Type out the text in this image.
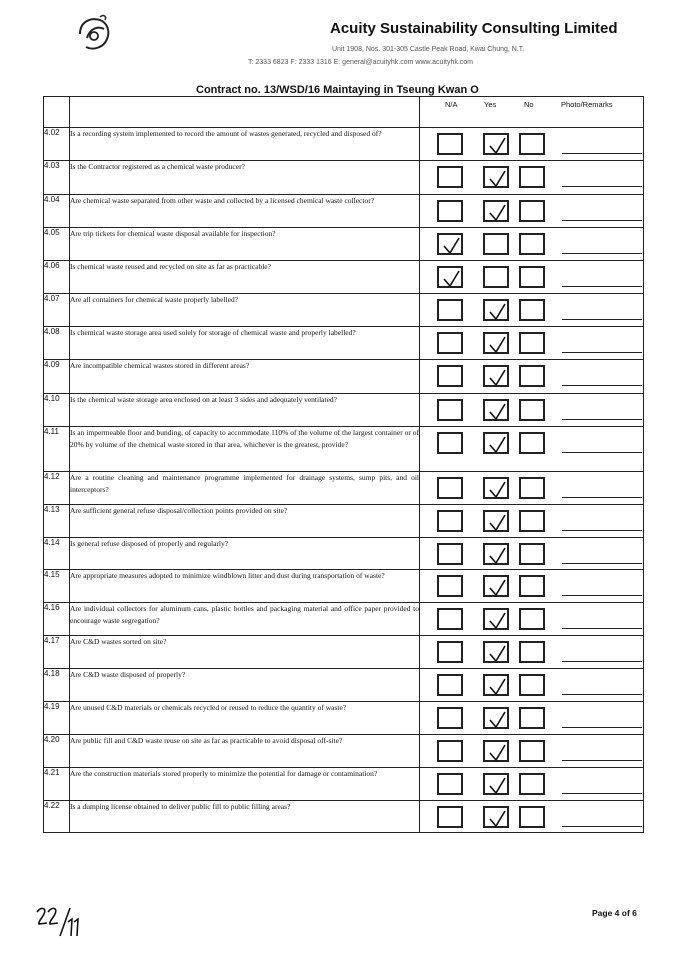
Acuity Sustainability Consulting Limited
Unit 1908, Nos. 301-305 Castle Peak Road, Kwai Chung, N.T.
T: 2333 6823 F: 2333 1316 E: general@acuityhk.com www.acuityhk.com
Contract no. 13/WSD/16 Maintaying in Tseung Kwan O

		N/A Yes No Photo/Remarks

4.02	Is a recording system implemented to record the amount of wastes generated, recycled and disposed of?	

4.03	Is the Contractor registered as a chemical waste producer?	

4.04	Are chemical waste separated from other waste and collected by a licensed chemical waste collector?	

4.05	Are trip tickets for chemical waste disposal available for inspection?	

4.06	Is chemical waste reused and recycled on site as far as practicable?	

4.07	Are all containers for chemical waste properly labelled?	

4.08	Is chemical waste storage area used solely for storage of chemical waste and properly labelled?	

4.09	Are incompatible chemical wastes stored in different areas?	

4.10	Is the chemical waste storage area enclosed on at least 3 sides and adequately ventilated?	

4.11	Is an impermeable floor and bunding, of capacity to accommodate 110% of the volume of the largest container or of 20% by volume of the chemical waste stored in that area, whichever is the greatest, provide?	

4.12	Are a routine cleaning and maintenance programme implemented for drainage systems, sump pits, and oil interceptors?	

4.13	Are sufficient general refuse disposal/collection points provided on site?	

4.14	Is general refuse disposed of properly and regularly?	

4.15	Are appropriate measures adopted to minimize windblown litter and dust during transportation of waste?	

4.16	Are individual collectors for aluminum cans, plastic bottles and packaging material and office paper provided to encourage waste segregation?	

4.17	Are C&D wastes sorted on site?	

4.18	Are C&D waste disposed of properly?	

4.19	Are unused C&D materials or chemicals recycled or reused to reduce the quantity of waste?	

4.20	Are public fill and C&D waste reuse on site as far as practicable to avoid disposal off-site?	

4.21	Are the construction materials stored properly to minimize the potential for damage or contamination?	

4.22	Is a dumping license obtained to deliver public fill to public filling areas?	
Page 4 of 6
